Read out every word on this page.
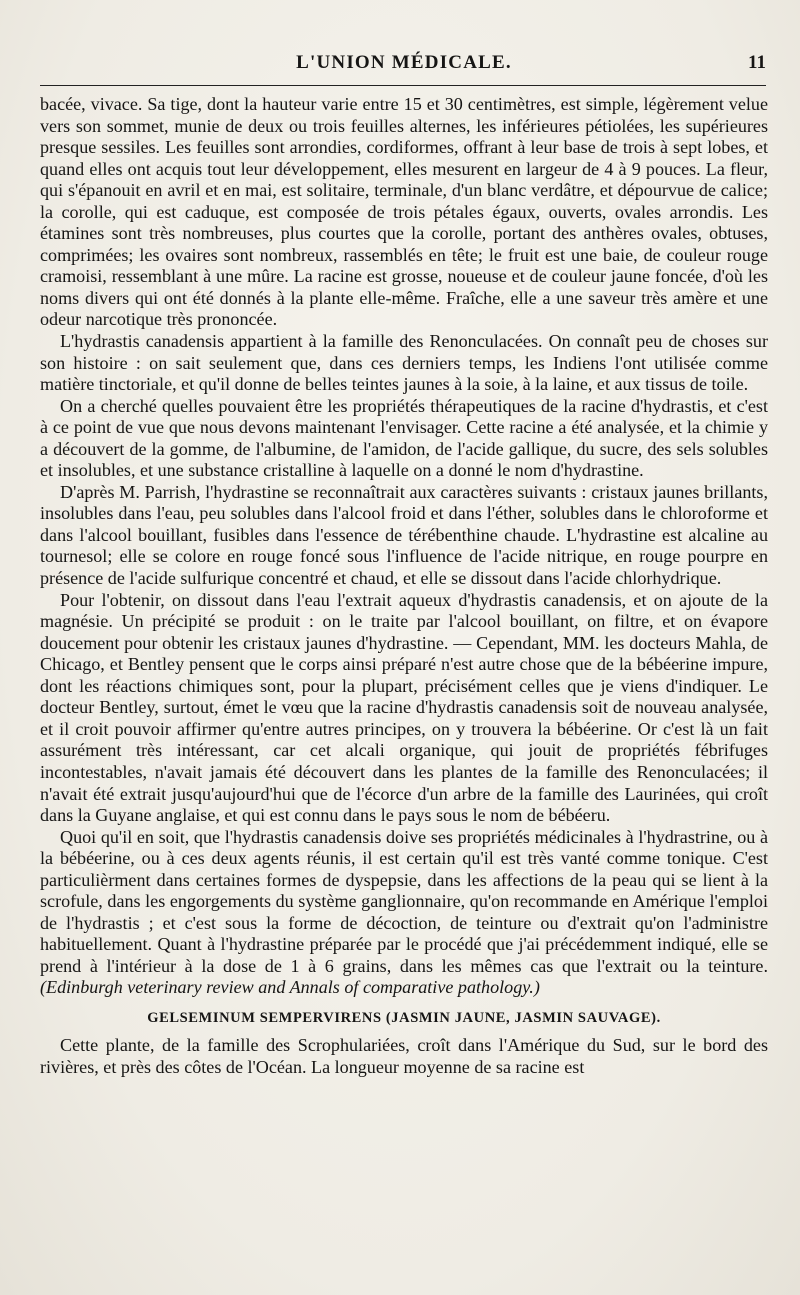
L'UNION MÉDICALE.	11

bacée, vivace. Sa tige, dont la hauteur varie entre 15 et 30 centimètres, est simple, légèrement velue vers son sommet, munie de deux ou trois feuilles alternes, les inférieures pétiolées, les supérieures presque sessiles. Les feuilles sont arrondies, cordiformes, offrant à leur base de trois à sept lobes, et quand elles ont acquis tout leur développement, elles mesurent en largeur de 4 à 9 pouces. La fleur, qui s'épanouit en avril et en mai, est solitaire, terminale, d'un blanc verdâtre, et dépourvue de calice; la corolle, qui est caduque, est composée de trois pétales égaux, ouverts, ovales arrondis. Les étamines sont très nombreuses, plus courtes que la corolle, portant des anthères ovales, obtuses, comprimées; les ovaires sont nombreux, rassemblés en tête; le fruit est une baie, de couleur rouge cramoisi, ressemblant à une mûre. La racine est grosse, noueuse et de couleur jaune foncée, d'où les noms divers qui ont été donnés à la plante elle-même. Fraîche, elle a une saveur très amère et une odeur narcotique très prononcée.

L'hydrastis canadensis appartient à la famille des Renonculacées. On connaît peu de choses sur son histoire : on sait seulement que, dans ces derniers temps, les Indiens l'ont utilisée comme matière tinctoriale, et qu'il donne de belles teintes jaunes à la soie, à la laine, et aux tissus de toile.

On a cherché quelles pouvaient être les propriétés thérapeutiques de la racine d'hydrastis, et c'est à ce point de vue que nous devons maintenant l'envisager. Cette racine a été analysée, et la chimie y a découvert de la gomme, de l'albumine, de l'amidon, de l'acide gallique, du sucre, des sels solubles et insolubles, et une substance cristalline à laquelle on a donné le nom d'hydrastine.

D'après M. Parrish, l'hydrastine se reconnaîtrait aux caractères suivants : cristaux jaunes brillants, insolubles dans l'eau, peu solubles dans l'alcool froid et dans l'éther, solubles dans le chloroforme et dans l'alcool bouillant, fusibles dans l'essence de térébenthine chaude. L'hydrastine est alcaline au tournesol; elle se colore en rouge foncé sous l'influence de l'acide nitrique, en rouge pourpre en présence de l'acide sulfurique concentré et chaud, et elle se dissout dans l'acide chlorhydrique.

Pour l'obtenir, on dissout dans l'eau l'extrait aqueux d'hydrastis canadensis, et on ajoute de la magnésie. Un précipité se produit : on le traite par l'alcool bouillant, on filtre, et on évapore doucement pour obtenir les cristaux jaunes d'hydrastine. — Cependant, MM. les docteurs Mahla, de Chicago, et Bentley pensent que le corps ainsi préparé n'est autre chose que de la bébéerine impure, dont les réactions chimiques sont, pour la plupart, précisément celles que je viens d'indiquer. Le docteur Bentley, surtout, émet le vœu que la racine d'hydrastis canadensis soit de nouveau analysée, et il croit pouvoir affirmer qu'entre autres principes, on y trouvera la bébéerine. Or c'est là un fait assurément très intéressant, car cet alcali organique, qui jouit de propriétés fébrifuges incontestables, n'avait jamais été découvert dans les plantes de la famille des Renonculacées; il n'avait été extrait jusqu'aujourd'hui que de l'écorce d'un arbre de la famille des Laurinées, qui croît dans la Guyane anglaise, et qui est connu dans le pays sous le nom de bébéeru.

Quoi qu'il en soit, que l'hydrastis canadensis doive ses propriétés médicinales à l'hydrastrine, ou à la bébéerine, ou à ces deux agents réunis, il est certain qu'il est très vanté comme tonique. C'est particulièrment dans certaines formes de dyspepsie, dans les affections de la peau qui se lient à la scrofule, dans les engorgements du système ganglionnaire, qu'on recommande en Amérique l'emploi de l'hydrastis ; et c'est sous la forme de décoction, de teinture ou d'extrait qu'on l'administre habituellement. Quant à l'hydrastine préparée par le procédé que j'ai précédemment indiqué, elle se prend à l'intérieur à la dose de 1 à 6 grains, dans les mêmes cas que l'extrait ou la teinture. (Edinburgh veterinary review and Annals of comparative pathology.)

GELSEMINUM SEMPERVIRENS (JASMIN JAUNE, JASMIN SAUVAGE).

Cette plante, de la famille des Scrophulariées, croît dans l'Amérique du Sud, sur le bord des rivières, et près des côtes de l'Océan. La longueur moyenne de sa racine est
